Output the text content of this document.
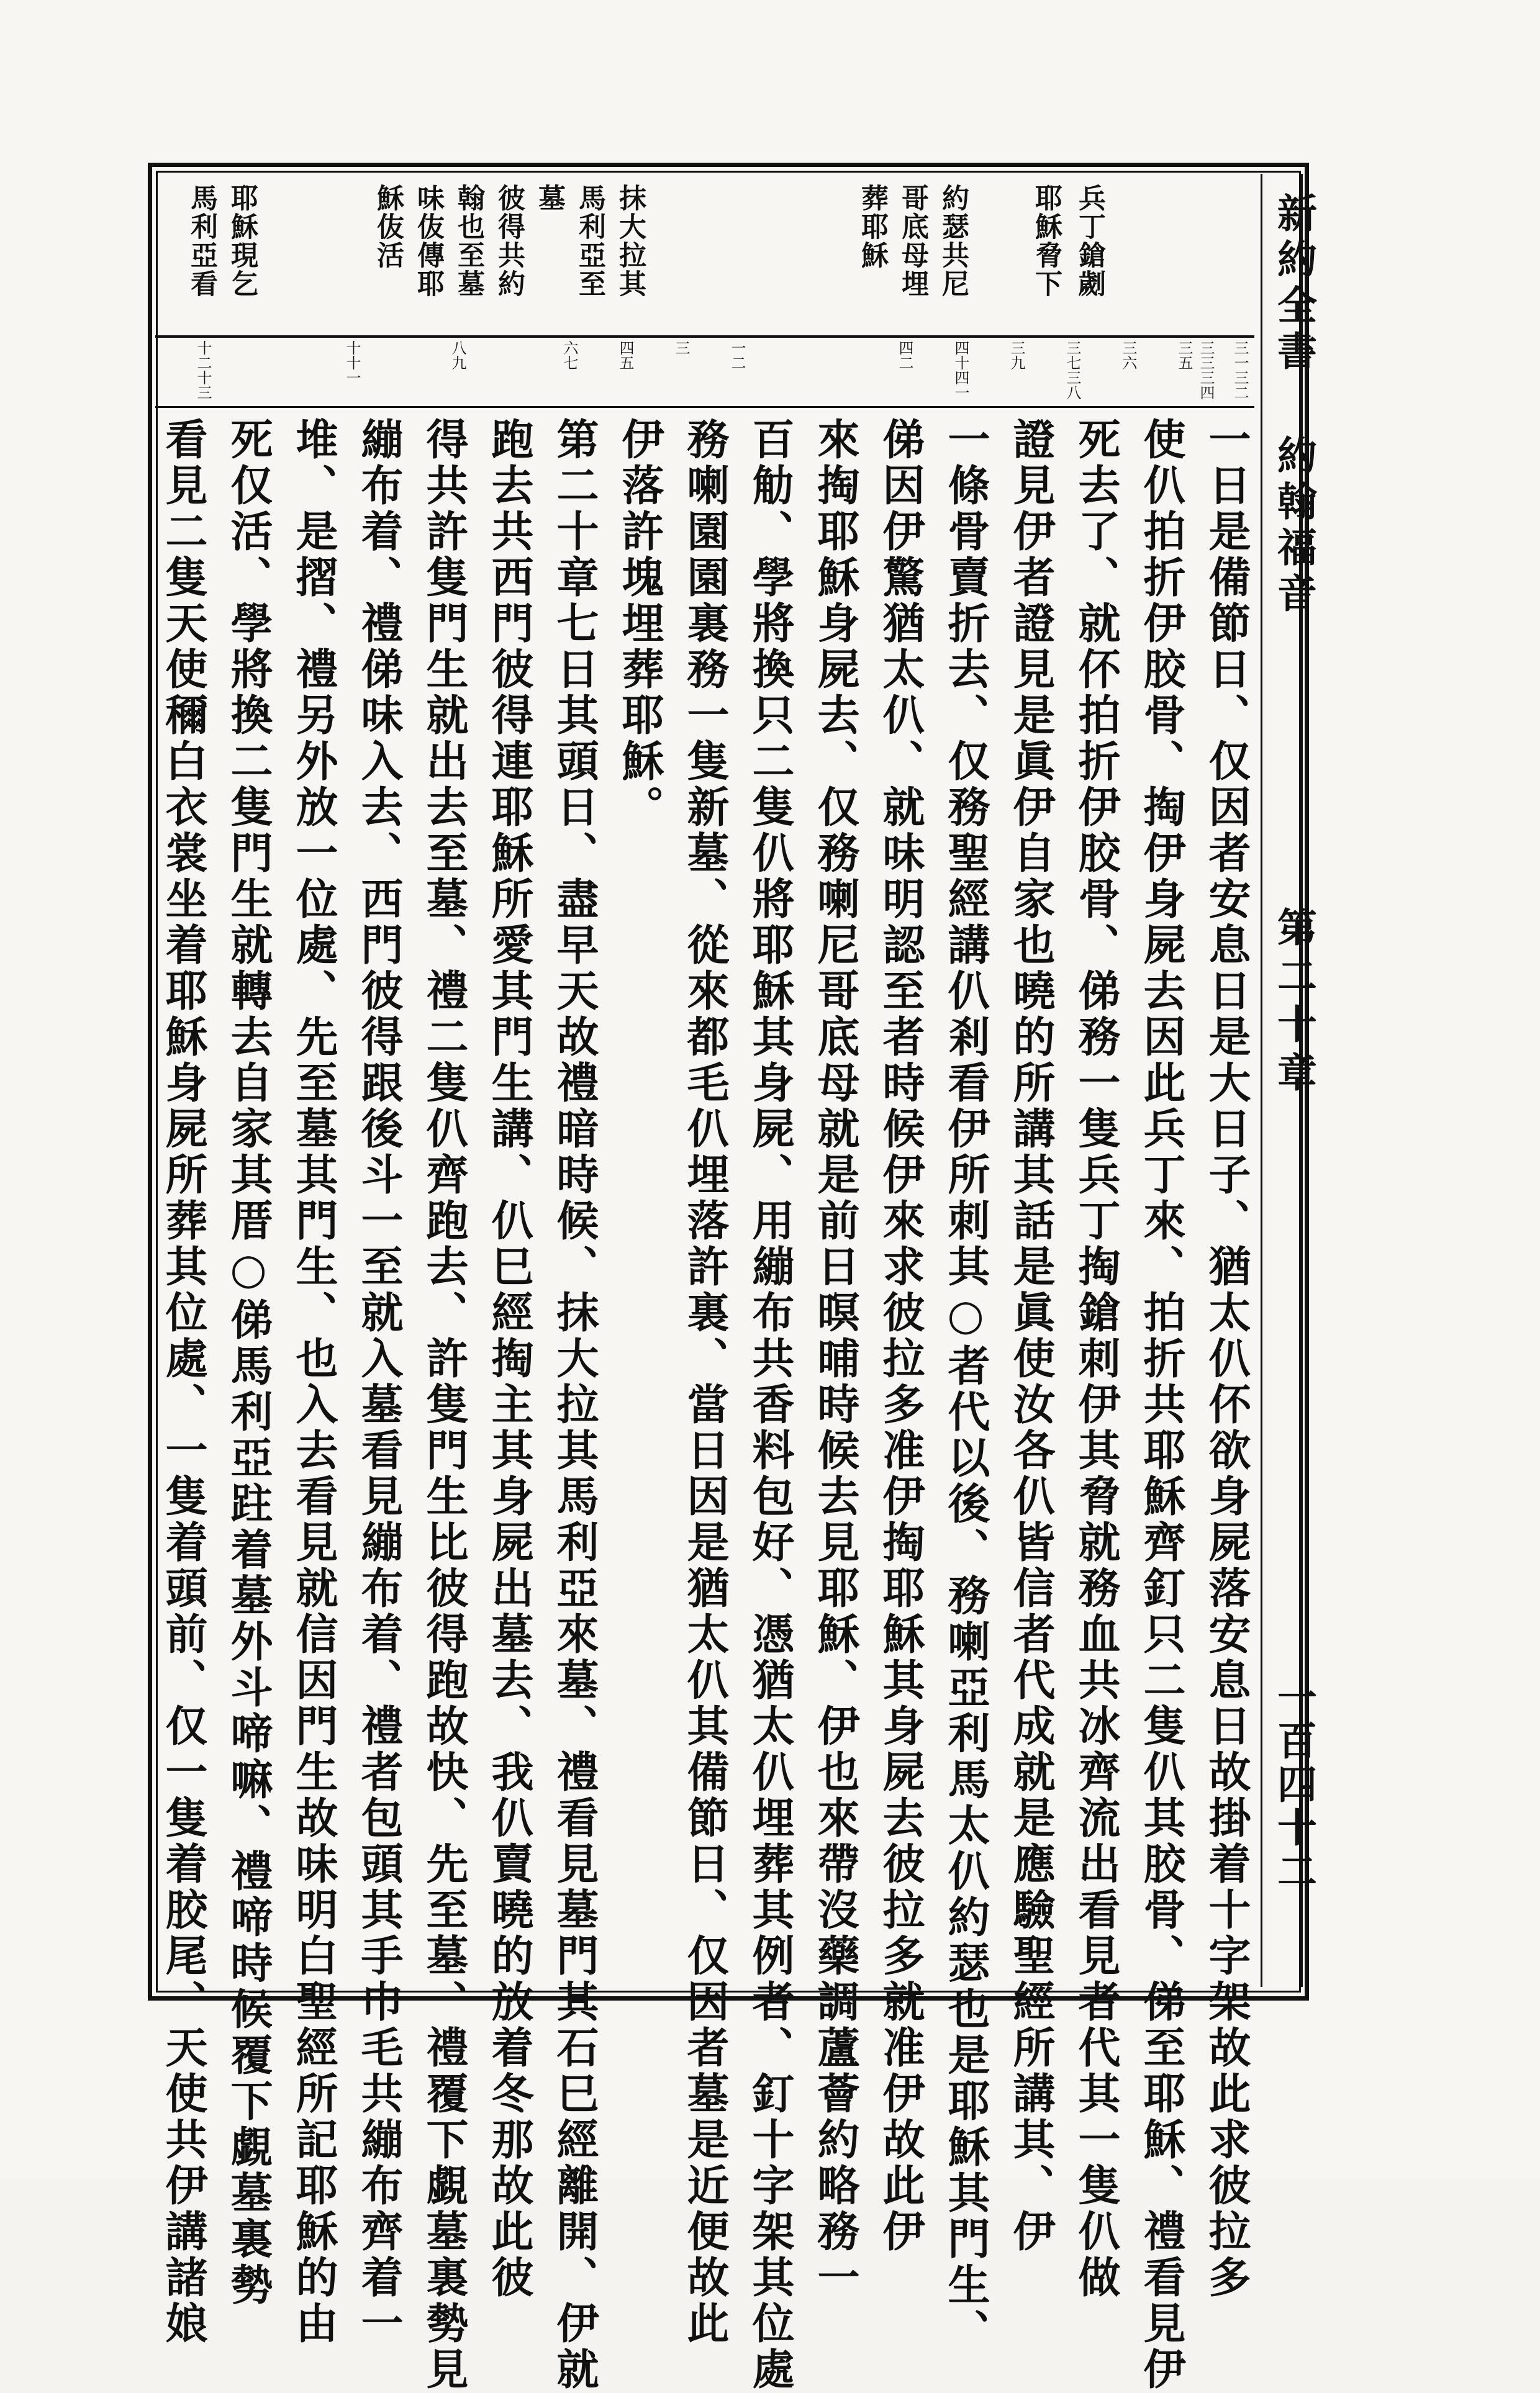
新約全書
約翰福音
第二十章
一百四十二
兵丁鎗劌
耶穌脅下
約瑟共尼
哥底母埋
葬耶穌
抹大拉其
馬利亞至
墓
彼得共約
翰也至墓
味伖傳耶
穌伖活
耶穌現乞
馬利亞看
三一三二
三三三四三五
三六
三七三八
三九
四十四一
四二
一二
三
四五
六七
八九
十十一
十二十三
一日是備節日、仅因者安息日是大日子、猶太仈伓欲身屍落安息日故掛着十字架故此求彼拉多
使仈拍折伊胶骨、掏伊身屍去因此兵丁來、拍折共耶穌齊釘只二隻仈其胶骨、俤至耶穌、禮看見伊
死去了、就伓拍折伊胶骨、俤務一隻兵丁掏鎗刺伊其脅就務血共冰齊流出看見者代其一隻仈做
證見伊者證見是眞伊自家也曉的所講其話是眞使汝各仈皆信者代成就是應驗聖經所講其、伊
一條骨賣折去、仅務聖經講仈剎看伊所刺其○者代以後、務喇亞利馬太仈約瑟也是耶穌其門生、
俤因伊驚猶太仈、就味明認至者時候伊來求彼拉多准伊掏耶穌其身屍去彼拉多就准伊故此伊
來掏耶穌身屍去、仅務喇尼哥底母就是前日暝晡時候去見耶穌、伊也來帶沒藥調蘆薈約略務一
百觔、學將換只二隻仈將耶穌其身屍、用繃布共香料包好、憑猶太仈埋葬其例者、釘十字架其位處
務喇園園裏務一隻新墓、從來都毛仈埋落許裏、當日因是猶太仈其備節日、仅因者墓是近便故此
伊落許塊埋葬耶穌。
第二十章七日其頭日、盡早天故禮暗時候、抹大拉其馬利亞來墓、禮看見墓門其石巳經離開、伊就
跑去共西門彼得連耶穌所愛其門生講、仈巳經掏主其身屍出墓去、我仈賣曉的放着冬那故此彼
得共許隻門生就出去至墓、禮二隻仈齊跑去、許隻門生比彼得跑故快、先至墓、禮覆下覷墓裏勢見
繃布着、禮俤味入去、西門彼得跟後斗一至就入墓看見繃布着、禮者包頭其手巾毛共繃布齊着一
堆、是摺、禮另外放一位處、先至墓其門生、也入去看見就信因門生故味明白聖經所記耶穌的由
死仅活、學將換二隻門生就轉去自家其厝○俤馬利亞跓着墓外斗啼嘛、禮啼時候覆下覷墓裏勢
看見二隻天使穪白衣裳坐着耶穌身屍所葬其位處、一隻着頭前、仅一隻着胶尾、天使共伊講諸娘
